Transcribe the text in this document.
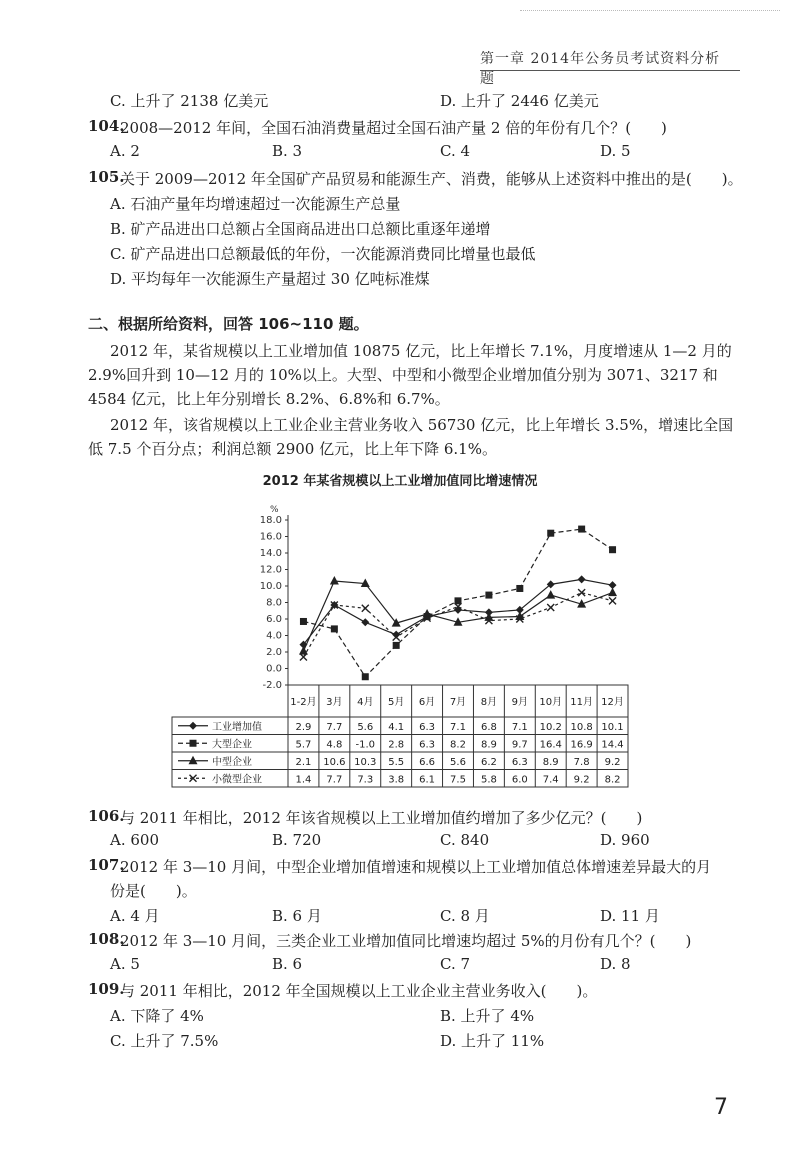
第一章 2014年公务员考试资料分析题
C. 上升了 2138 亿美元	D. 上升了 2446 亿美元
104.
2008—2012 年间，全国石油消费量超过全国石油产量 2 倍的年份有几个？(　　)
A. 2	B. 3	C. 4	D. 5
105.
关于 2009—2012 年全国矿产品贸易和能源生产、消费，能够从上述资料中推出的是(　　)。
A. 石油产量年均增速超过一次能源生产总量
B. 矿产品进出口总额占全国商品进出口总额比重逐年递增
C. 矿产品进出口总额最低的年份，一次能源消费同比增量也最低
D. 平均每年一次能源生产量超过 30 亿吨标准煤
二、根据所给资料，回答 106~110 题。
2012 年，某省规模以上工业增加值 10875 亿元，比上年增长 7.1%，月度增速从 1—2 月的
2.9%回升到 10—12 月的 10%以上。大型、中型和小微型企业增加值分别为 3071、3217 和
4584 亿元，比上年分别增长 8.2%、6.8%和 6.7%。
2012 年，该省规模以上工业企业主营业务收入 56730 亿元，比上年增长 3.5%，增速比全国
低 7.5 个百分点；利润总额 2900 亿元，比上年下降 6.1%。
2012 年某省规模以上工业增加值同比增速情况
%
18.0
16.0
14.0
12.0
10.0
8.0
6.0
4.0
2.0
0.0
-2.0
1-2月 3月 4月 5月 6月 7月 8月 9月 10月 11月 12月
工业增加值	2.9 7.7 5.6 4.1 6.3 7.1 6.8 7.1 10.2 10.8 10.1
大型企业	5.7 4.8 -1.0 2.8 6.3 8.2 8.9 9.7 16.4 16.9 14.4
中型企业	2.1 10.6 10.3 5.5 6.6 5.6 6.2 6.3 8.9 7.8 9.2
小微型企业	1.4 7.7 7.3 3.8 6.1 7.5 5.8 6.0 7.4 9.2 8.2
106.
与 2011 年相比，2012 年该省规模以上工业增加值约增加了多少亿元？(　　)
A. 600	B. 720	C. 840	D. 960
107.
2012 年 3—10 月间，中型企业增加值增速和规模以上工业增加值总体增速差异最大的月
份是(　　)。
A. 4 月	B. 6 月	C. 8 月	D. 11 月
108.
2012 年 3—10 月间，三类企业工业增加值同比增速均超过 5%的月份有几个？(　　)
A. 5	B. 6	C. 7	D. 8
109.
与 2011 年相比，2012 年全国规模以上工业企业主营业务收入(　　)。
A. 下降了 4%	B. 上升了 4%
C. 上升了 7.5%	D. 上升了 11%
7
